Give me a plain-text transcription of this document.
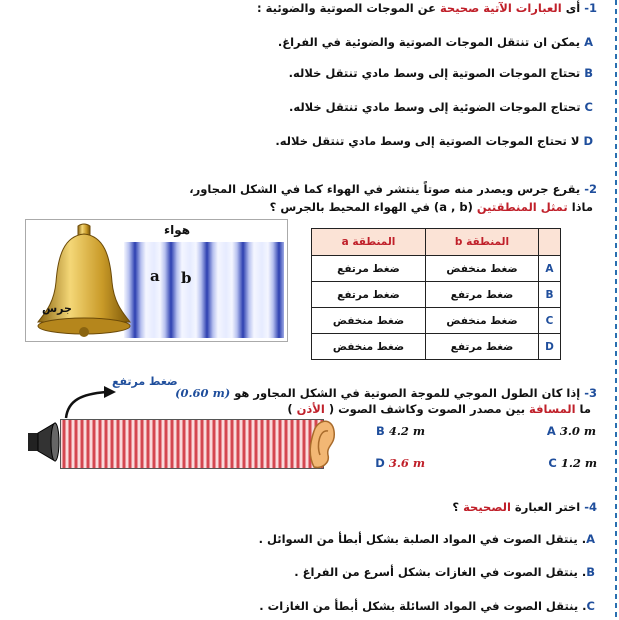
1- أى العبارات الآتية صحيحة عن الموجات الصوتية والضوئية :
A يمكن ان تنتقل الموجات الصوتية والضوئية في الفراغ.
B تحتاج الموجات الصوتية إلى وسط مادي تنتقل خلاله.
C تحتاج الموجات الضوئية إلى وسط مادي تنتقل خلاله.
D لا تحتاج الموجات الصوتية إلى وسط مادي تنتقل خلاله.
2- يقرع جرس ويصدر منه صوتاً ينتشر في الهواء كما في الشكل المجاور،
ماذا تمثل المنطقتين (a , b) في الهواء المحيط بالجرس ؟
هواء
a b
جرس
	المنطقة b	المنطقة a
A	ضغط منخفض	ضغط مرتفع
B	ضغط مرتفع	ضغط مرتفع
C	ضغط منخفض	ضغط منخفض
D	ضغط مرتفع	ضغط منخفض
ضغط مرتفع
3- إذا كان الطول الموجي للموجة الصوتية في الشكل المجاور هو (0.60 m)
ما المسافة بين مصدر الصوت وكاشف الصوت ( الأذن )
A 3.0 m
B 4.2 m
C 1.2 m
D 3.6 m
4- اختر العبارة الصحيحة ؟
A. ينتقل الصوت في المواد الصلبة بشكل أبطأ من السوائل .
B. ينتقل الصوت في الغازات بشكل أسرع من الفراغ .
C. ينتقل الصوت في المواد السائلة بشكل أبطأ من الغازات .
